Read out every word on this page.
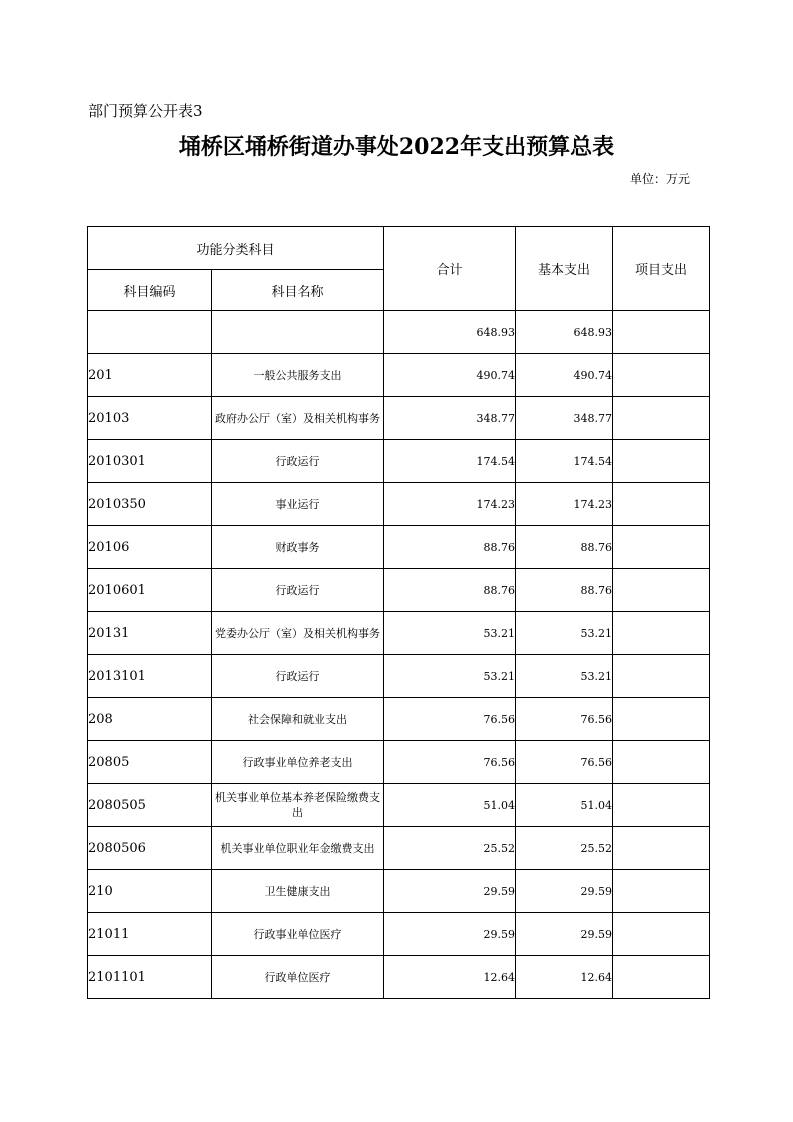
部门预算公开表3
埇桥区埇桥街道办事处2022年支出预算总表
单位：万元
功能分类科目		合计	基本支出	项目支出
科目编码	科目名称			
		648.93	648.93	
201	一般公共服务支出	490.74	490.74	
20103	政府办公厅（室）及相关机构事务	348.77	348.77	
2010301	行政运行	174.54	174.54	
2010350	事业运行	174.23	174.23	
20106	财政事务	88.76	88.76	
2010601	行政运行	88.76	88.76	
20131	党委办公厅（室）及相关机构事务	53.21	53.21	
2013101	行政运行	53.21	53.21	
208	社会保障和就业支出	76.56	76.56	
20805	行政事业单位养老支出	76.56	76.56	
2080505	机关事业单位基本养老保险缴费支出	51.04	51.04	
2080506	机关事业单位职业年金缴费支出	25.52	25.52	
210	卫生健康支出	29.59	29.59	
21011	行政事业单位医疗	29.59	29.59	
2101101	行政单位医疗	12.64	12.64	
